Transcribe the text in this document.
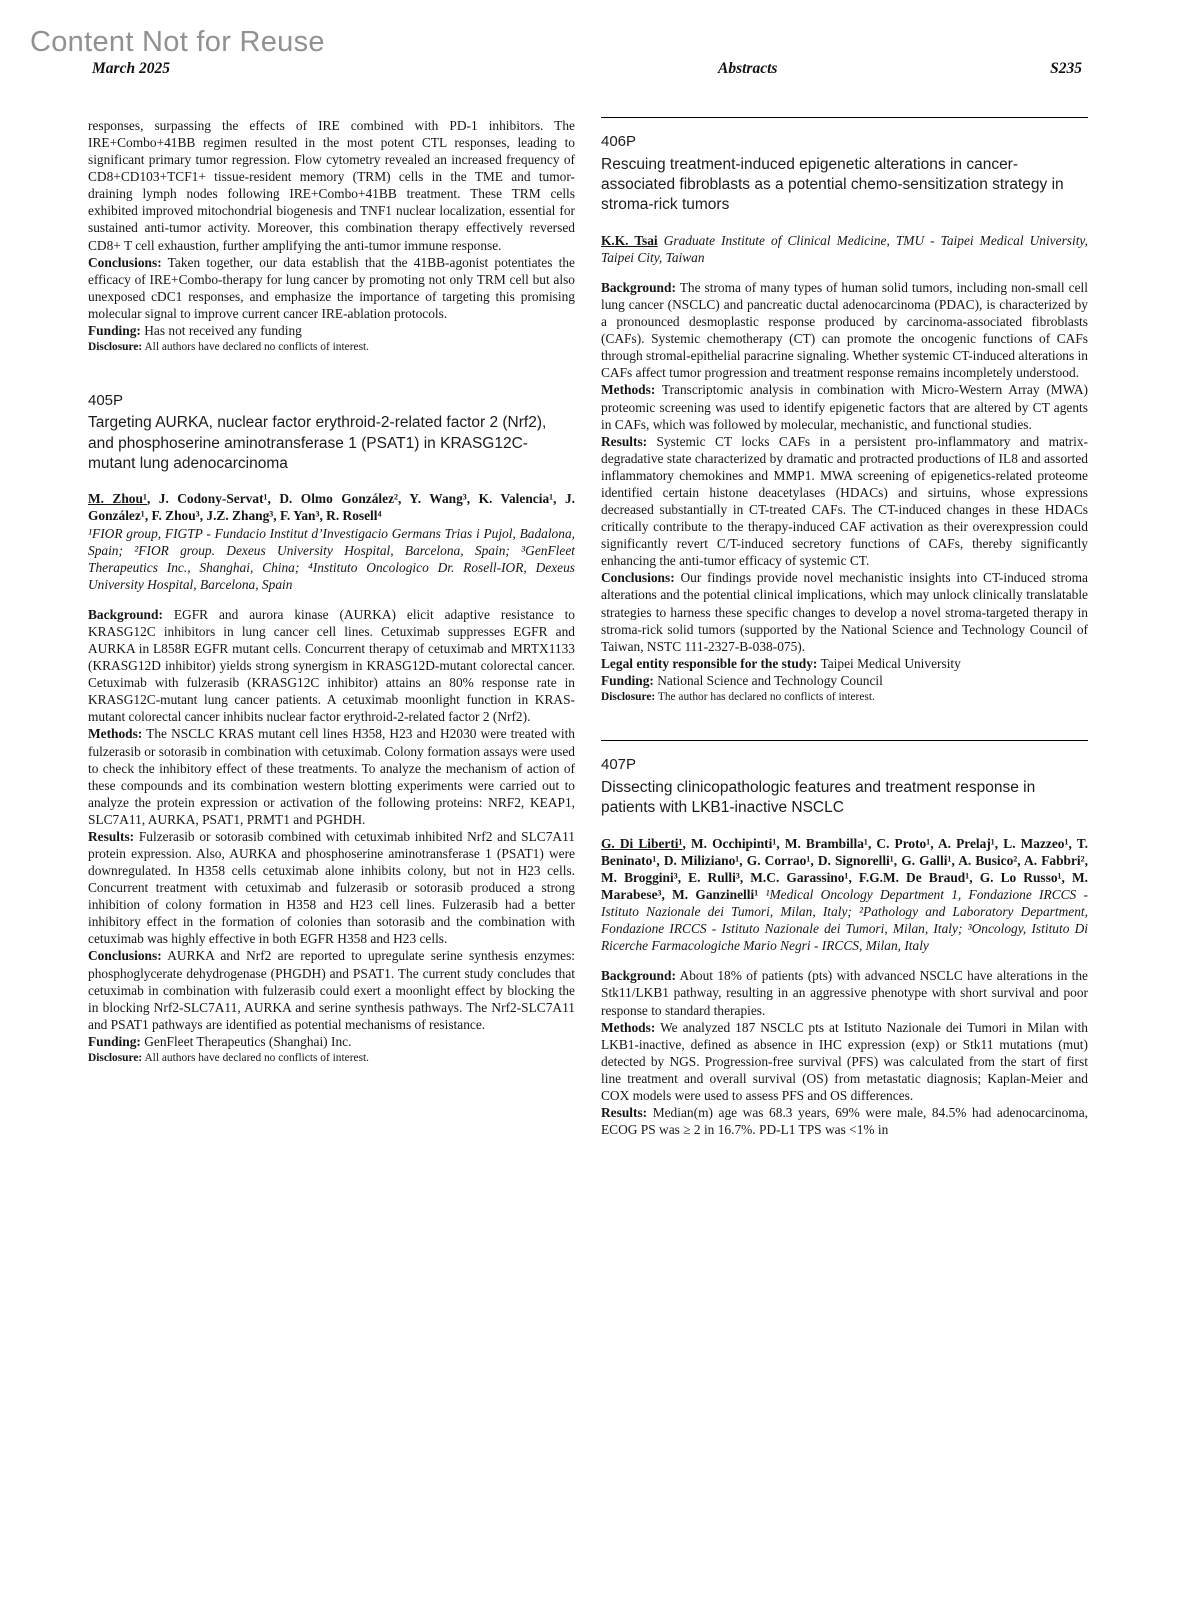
Content Not for Reuse
March 2025	Abstracts	S235

responses, surpassing the effects of IRE combined with PD-1 inhibitors. The IRE+Combo+41BB regimen resulted in the most potent CTL responses, leading to significant primary tumor regression. Flow cytometry revealed an increased frequency of CD8+CD103+TCF1+ tissue-resident memory (TRM) cells in the TME and tumor-draining lymph nodes following IRE+Combo+41BB treatment. These TRM cells exhibited improved mitochondrial biogenesis and TNF1 nuclear localization, essential for sustained anti-tumor activity. Moreover, this combination therapy effectively reversed CD8+ T cell exhaustion, further amplifying the anti-tumor immune response.

Conclusions: Taken together, our data establish that the 41BB-agonist potentiates the efficacy of IRE+Combo-therapy for lung cancer by promoting not only TRM cell but also unexposed cDC1 responses, and emphasize the importance of targeting this promising molecular signal to improve current cancer IRE-ablation protocols.

Funding: Has not received any funding

Disclosure: All authors have declared no conflicts of interest.

405P
Targeting AURKA, nuclear factor erythroid-2-related factor 2 (Nrf2), and phosphoserine aminotransferase 1 (PSAT1) in KRASG12C-mutant lung adenocarcinoma

M. Zhou¹, J. Codony-Servat¹, D. Olmo González², Y. Wang³, K. Valencia¹, J. González¹, F. Zhou³, J.Z. Zhang³, F. Yan³, R. Rosell⁴

¹FIOR group, FIGTP - Fundacio Institut d’Investigacio Germans Trias i Pujol, Badalona, Spain; ²FIOR group. Dexeus University Hospital, Barcelona, Spain; ³GenFleet Therapeutics Inc., Shanghai, China; ⁴Instituto Oncologico Dr. Rosell-IOR, Dexeus University Hospital, Barcelona, Spain

Background: EGFR and aurora kinase (AURKA) elicit adaptive resistance to KRASG12C inhibitors in lung cancer cell lines. Cetuximab suppresses EGFR and AURKA in L858R EGFR mutant cells. Concurrent therapy of cetuximab and MRTX1133 (KRASG12D inhibitor) yields strong synergism in KRASG12D-mutant colorectal cancer. Cetuximab with fulzerasib (KRASG12C inhibitor) attains an 80% response rate in KRASG12C-mutant lung cancer patients. A cetuximab moonlight function in KRAS-mutant colorectal cancer inhibits nuclear factor erythroid-2-related factor 2 (Nrf2).

Methods: The NSCLC KRAS mutant cell lines H358, H23 and H2030 were treated with fulzerasib or sotorasib in combination with cetuximab. Colony formation assays were used to check the inhibitory effect of these treatments. To analyze the mechanism of action of these compounds and its combination western blotting experiments were carried out to analyze the protein expression or activation of the following proteins: NRF2, KEAP1, SLC7A11, AURKA, PSAT1, PRMT1 and PGHDH.

Results: Fulzerasib or sotorasib combined with cetuximab inhibited Nrf2 and SLC7A11 protein expression. Also, AURKA and phosphoserine aminotransferase 1 (PSAT1) were downregulated. In H358 cells cetuximab alone inhibits colony, but not in H23 cells. Concurrent treatment with cetuximab and fulzerasib or sotorasib produced a strong inhibition of colony formation in H358 and H23 cell lines. Fulzerasib had a better inhibitory effect in the formation of colonies than sotorasib and the combination with cetuximab was highly effective in both EGFR H358 and H23 cells.

Conclusions: AURKA and Nrf2 are reported to upregulate serine synthesis enzymes: phosphoglycerate dehydrogenase (PHGDH) and PSAT1. The current study concludes that cetuximab in combination with fulzerasib could exert a moonlight effect by blocking the in blocking Nrf2-SLC7A11, AURKA and serine synthesis pathways. The Nrf2-SLC7A11 and PSAT1 pathways are identified as potential mechanisms of resistance.

Funding: GenFleet Therapeutics (Shanghai) Inc.

Disclosure: All authors have declared no conflicts of interest.

406P
Rescuing treatment-induced epigenetic alterations in cancer-associated fibroblasts as a potential chemo-sensitization strategy in stroma-rick tumors

K.K. Tsai Graduate Institute of Clinical Medicine, TMU - Taipei Medical University, Taipei City, Taiwan

Background: The stroma of many types of human solid tumors, including non-small cell lung cancer (NSCLC) and pancreatic ductal adenocarcinoma (PDAC), is characterized by a pronounced desmoplastic response produced by carcinoma-associated fibroblasts (CAFs). Systemic chemotherapy (CT) can promote the oncogenic functions of CAFs through stromal-epithelial paracrine signaling. Whether systemic CT-induced alterations in CAFs affect tumor progression and treatment response remains incompletely understood.

Methods: Transcriptomic analysis in combination with Micro-Western Array (MWA) proteomic screening was used to identify epigenetic factors that are altered by CT agents in CAFs, which was followed by molecular, mechanistic, and functional studies.

Results: Systemic CT locks CAFs in a persistent pro-inflammatory and matrix-degradative state characterized by dramatic and protracted productions of IL8 and assorted inflammatory chemokines and MMP1. MWA screening of epigenetics-related proteome identified certain histone deacetylases (HDACs) and sirtuins, whose expressions decreased substantially in CT-treated CAFs. The CT-induced changes in these HDACs critically contribute to the therapy-induced CAF activation as their overexpression could significantly revert C/T-induced secretory functions of CAFs, thereby significantly enhancing the anti-tumor efficacy of systemic CT.

Conclusions: Our findings provide novel mechanistic insights into CT-induced stroma alterations and the potential clinical implications, which may unlock clinically translatable strategies to harness these specific changes to develop a novel stroma-targeted therapy in stroma-rick solid tumors (supported by the National Science and Technology Council of Taiwan, NSTC 111-2327-B-038-075).

Legal entity responsible for the study: Taipei Medical University

Funding: National Science and Technology Council

Disclosure: The author has declared no conflicts of interest.

407P
Dissecting clinicopathologic features and treatment response in patients with LKB1-inactive NSCLC

G. Di Liberti¹, M. Occhipinti¹, M. Brambilla¹, C. Proto¹, A. Prelaj¹, L. Mazzeo¹, T. Beninato¹, D. Miliziano¹, G. Corrao¹, D. Signorelli¹, G. Galli¹, A. Busico², A. Fabbri², M. Broggini³, E. Rulli³, M.C. Garassino¹, F.G.M. De Braud¹, G. Lo Russo¹, M. Marabese³, M. Ganzinelli¹ ¹Medical Oncology Department 1, Fondazione IRCCS - Istituto Nazionale dei Tumori, Milan, Italy; ²Pathology and Laboratory Department, Fondazione IRCCS - Istituto Nazionale dei Tumori, Milan, Italy; ³Oncology, Istituto Di Ricerche Farmacologiche Mario Negri - IRCCS, Milan, Italy

Background: About 18% of patients (pts) with advanced NSCLC have alterations in the Stk11/LKB1 pathway, resulting in an aggressive phenotype with short survival and poor response to standard therapies.

Methods: We analyzed 187 NSCLC pts at Istituto Nazionale dei Tumori in Milan with LKB1-inactive, defined as absence in IHC expression (exp) or Stk11 mutations (mut) detected by NGS. Progression-free survival (PFS) was calculated from the start of first line treatment and overall survival (OS) from metastatic diagnosis; Kaplan-Meier and COX models were used to assess PFS and OS differences.

Results: Median(m) age was 68.3 years, 69% were male, 84.5% had adenocarcinoma, ECOG PS was ≥ 2 in 16.7%. PD-L1 TPS was <1% in
